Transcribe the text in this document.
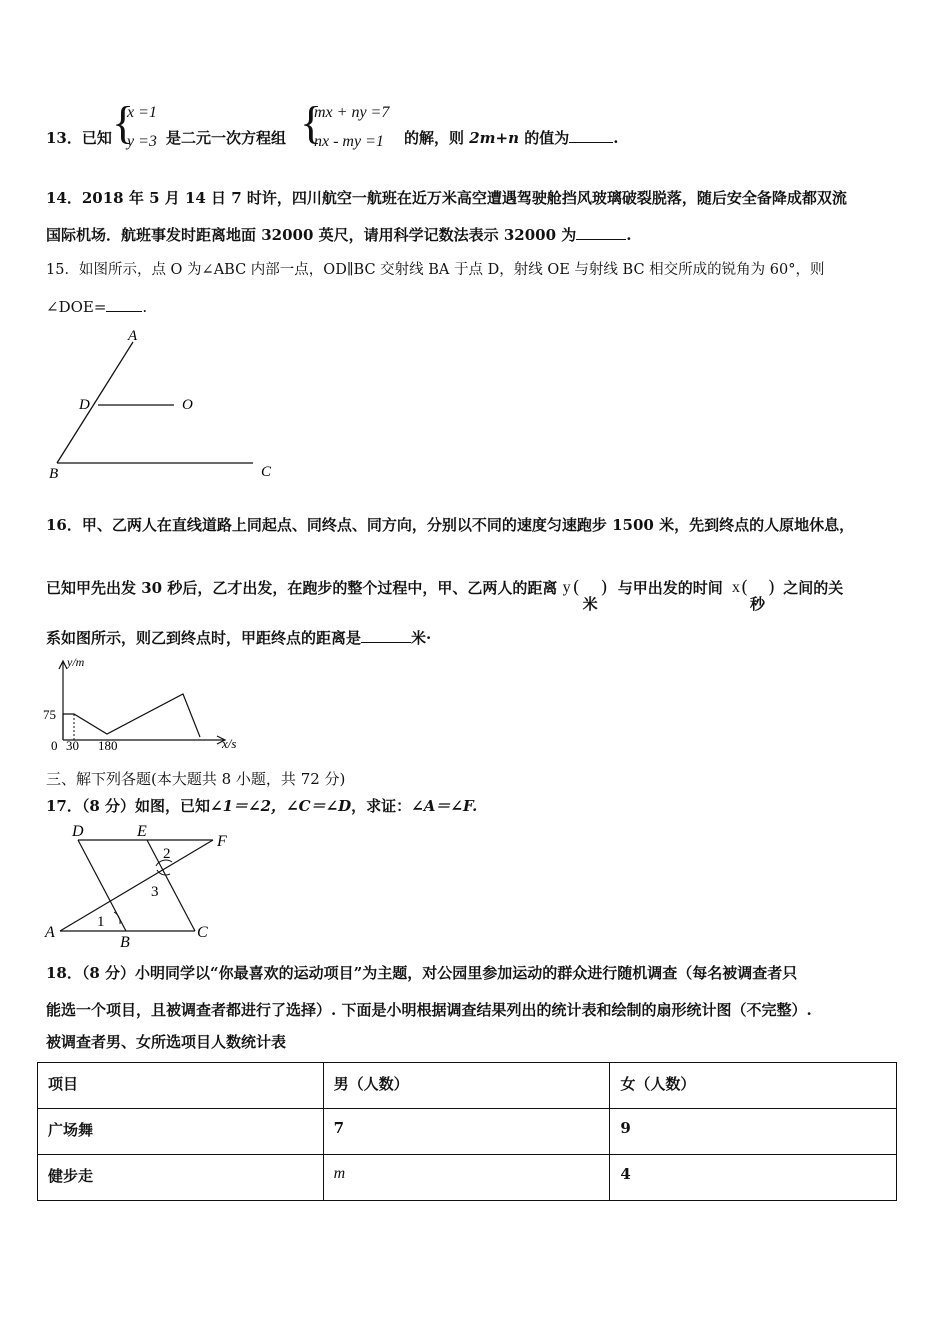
13．已知 {
x =1
y =3 是二元一次方程组 {
mx + ny =7
nx - my =1 的解，则 2m+n 的值为	.
14．2018 年 5 月 14 日 7 时许，四川航空一航班在近万米高空遭遇驾驶舱挡风玻璃破裂脱落，随后安全备降成都双流
国际机场．航班事发时距离地面 32000 英尺，请用科学记数法表示 32000 为	.
15．如图所示，点 O 为∠ABC 内部一点，OD∥BC 交射线 BA 于点 D，射线 OE 与射线 BC 相交所成的锐角为 60°，则
∠DOE= .
A
D	O
B	C
16．甲、乙两人在直线道路上同起点、同终点、同方向，分别以不同的速度匀速跑步 1500 米，先到终点的人原地休息，
已知甲先出发 30 秒后，乙才出发，在跑步的整个过程中，甲、乙两人的距离 y (
米
) 与甲出发的时间 x (
秒
) 之间的关
系如图所示，则乙到终点时，甲距终点的距离是	米·
y/m
x/s
75
0 30 180
三、解下列各题(本大题共 8 小题，共 72 分)
17．（8 分）如图，已知∠1＝∠2，∠C＝∠D，求证：∠A＝∠F.
D	E
F
A
B
C
1
2
3
18．（8 分）小明同学以“你最喜欢的运动项目”为主题，对公园里参加运动的群众进行随机调查（每名被调查者只
能选一个项目，且被调查者都进行了选择）. 下面是小明根据调查结果列出的统计表和绘制的扇形统计图（不完整）.
被调查者男、女所选项目人数统计表
项目	男（人数）	女（人数）
广场舞	7	9
健步走	m	4
